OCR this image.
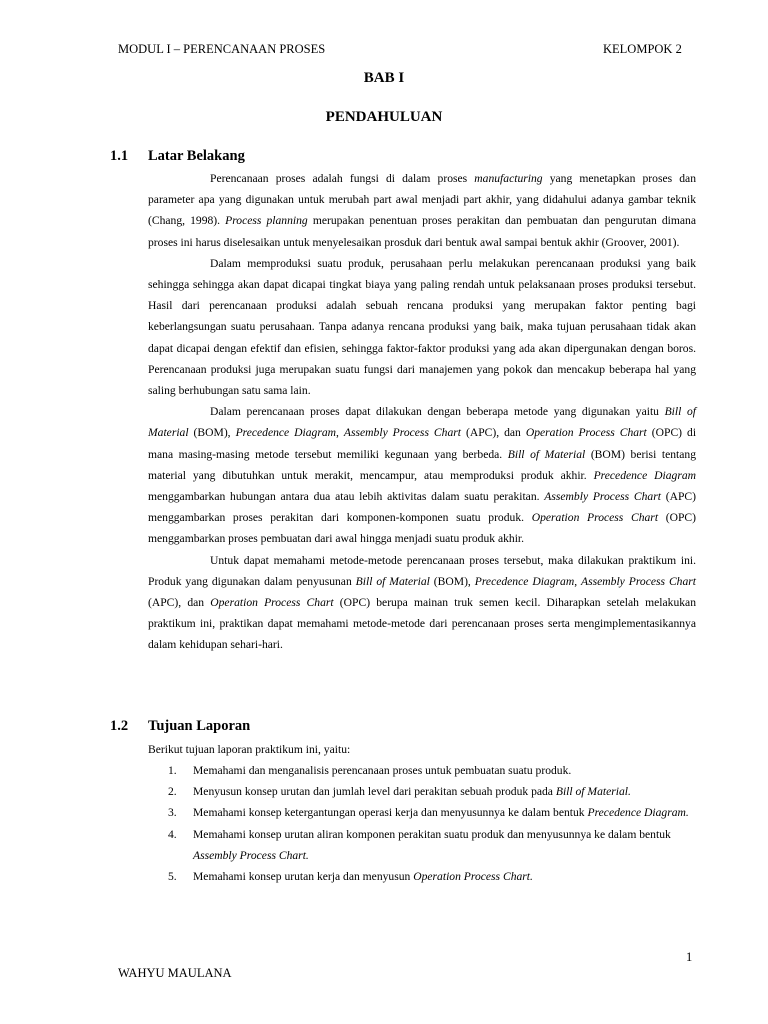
MODUL I – PERENCANAAN PROSES	KELOMPOK 2
BAB I
PENDAHULUAN
1.1 Latar Belakang

Perencanaan proses adalah fungsi di dalam proses manufacturing yang menetapkan proses dan parameter apa yang digunakan untuk merubah part awal menjadi part akhir, yang didahului adanya gambar teknik (Chang, 1998). Process planning merupakan penentuan proses perakitan dan pembuatan dan pengurutan dimana proses ini harus diselesaikan untuk menyelesaikan prosduk dari bentuk awal sampai bentuk akhir (Groover, 2001).

Dalam memproduksi suatu produk, perusahaan perlu melakukan perencanaan produksi yang baik sehingga sehingga akan dapat dicapai tingkat biaya yang paling rendah untuk pelaksanaan proses produksi tersebut. Hasil dari perencanaan produksi adalah sebuah rencana produksi yang merupakan faktor penting bagi keberlangsungan suatu perusahaan. Tanpa adanya rencana produksi yang baik, maka tujuan perusahaan tidak akan dapat dicapai dengan efektif dan efisien, sehingga faktor-faktor produksi yang ada akan dipergunakan dengan boros. Perencanaan produksi juga merupakan suatu fungsi dari manajemen yang pokok dan mencakup beberapa hal yang saling berhubungan satu sama lain.

Dalam perencanaan proses dapat dilakukan dengan beberapa metode yang digunakan yaitu Bill of Material (BOM), Precedence Diagram, Assembly Process Chart (APC), dan Operation Process Chart (OPC) di mana masing-masing metode tersebut memiliki kegunaan yang berbeda. Bill of Material (BOM) berisi tentang material yang dibutuhkan untuk merakit, mencampur, atau memproduksi produk akhir. Precedence Diagram menggambarkan hubungan antara dua atau lebih aktivitas dalam suatu perakitan. Assembly Process Chart (APC) menggambarkan proses perakitan dari komponen-komponen suatu produk. Operation Process Chart (OPC) menggambarkan proses pembuatan dari awal hingga menjadi suatu produk akhir.

Untuk dapat memahami metode-metode perencanaan proses tersebut, maka dilakukan praktikum ini. Produk yang digunakan dalam penyusunan Bill of Material (BOM), Precedence Diagram, Assembly Process Chart (APC), dan Operation Process Chart (OPC) berupa mainan truk semen kecil. Diharapkan setelah melakukan praktikum ini, praktikan dapat memahami metode-metode dari perencanaan proses serta mengimplementasikannya dalam kehidupan sehari-hari.

1.2 Tujuan Laporan
Berikut tujuan laporan praktikum ini, yaitu:
1.	Memahami dan menganalisis perencanaan proses untuk pembuatan suatu produk.
2.	Menyusun konsep urutan dan jumlah level dari perakitan sebuah produk pada Bill of Material.
3.	Memahami konsep ketergantungan operasi kerja dan menyusunnya ke dalam bentuk Precedence Diagram.
4.	Memahami konsep urutan aliran komponen perakitan suatu produk dan menyusunnya ke dalam bentuk Assembly Process Chart.
5.	Memahami konsep urutan kerja dan menyusun Operation Process Chart.
1
WAHYU MAULANA
